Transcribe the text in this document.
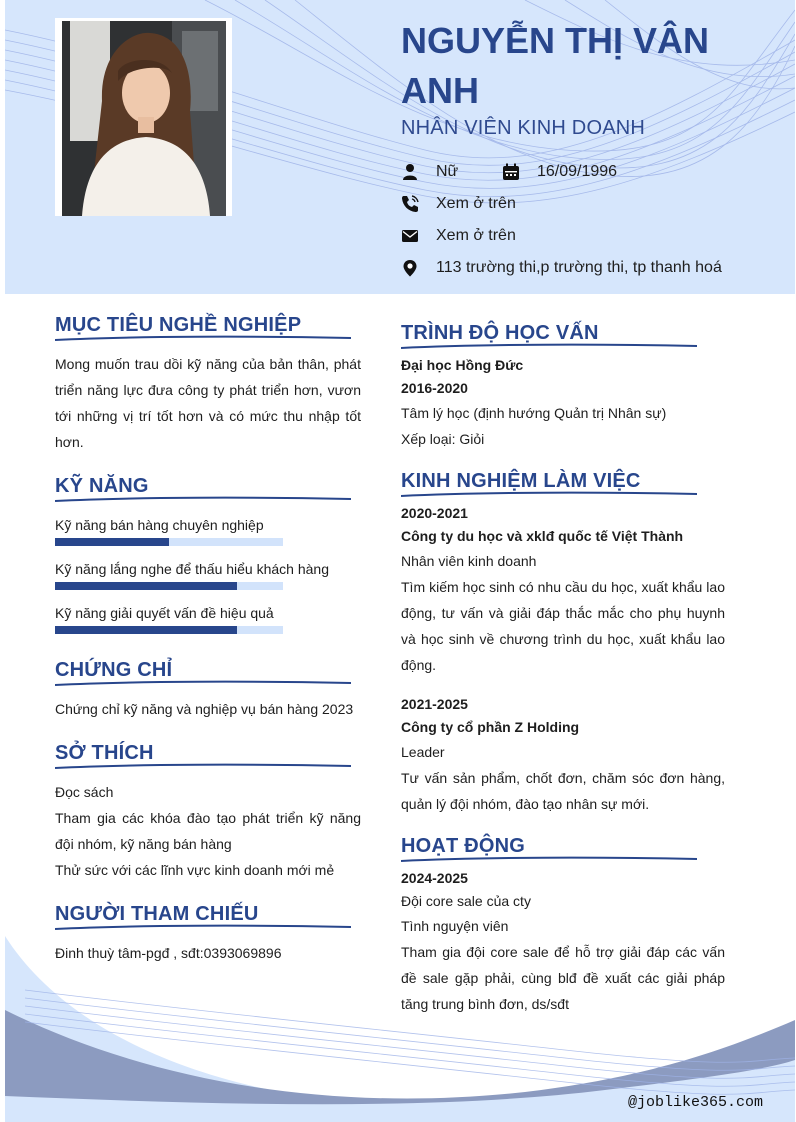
NGUYỄN THỊ VÂN ANH
NHÂN VIÊN KINH DOANH
Nữ	16/09/1996
Xem ở trên
Xem ở trên
113 trường thi,p trường thi, tp thanh hoá
@joblike365.com
MỤC TIÊU NGHỀ NGHIỆP
Mong muốn trau dồi kỹ năng của bản thân, phát triển năng lực đưa công ty phát triển hơn, vươn tới những vị trí tốt hơn và có mức thu nhập tốt hơn.
KỸ NĂNG
Kỹ năng bán hàng chuyên nghiệp
Kỹ năng lắng nghe để thấu hiểu khách hàng
Kỹ năng giải quyết vấn đề hiệu quả
CHỨNG CHỈ
Chứng chỉ kỹ năng và nghiệp vụ bán hàng 2023
SỞ THÍCH
Đọc sách
Tham gia các khóa đào tạo phát triển kỹ năng đội nhóm, kỹ năng bán hàng
Thử sức với các lĩnh vực kinh doanh mới mẻ
NGƯỜI THAM CHIẾU
Đinh thuỳ tâm-pgđ , sđt:0393069896
TRÌNH ĐỘ HỌC VẤN
Đại học Hồng Đức
2016-2020
Tâm lý học (định hướng Quản trị Nhân sự)
Xếp loại: Giỏi
KINH NGHIỆM LÀM VIỆC
2020-2021
Công ty du học và xklđ quốc tế Việt Thành
Nhân viên kinh doanh
Tìm kiếm học sinh có nhu cầu du học, xuất khẩu lao động, tư vấn và giải đáp thắc mắc cho phụ huynh và học sinh về chương trình du học, xuất khẩu lao động.
2021-2025
Công ty cổ phần Z Holding
Leader
Tư vấn sản phẩm, chốt đơn, chăm sóc đơn hàng, quản lý đội nhóm, đào tạo nhân sự mới.
HOẠT ĐỘNG
2024-2025
Đội core sale của cty
Tình nguyện viên
Tham gia đội core sale để hỗ trợ giải đáp các vấn đề sale gặp phải, cùng blđ đề xuất các giải pháp tăng trung bình đơn, ds/sđt
